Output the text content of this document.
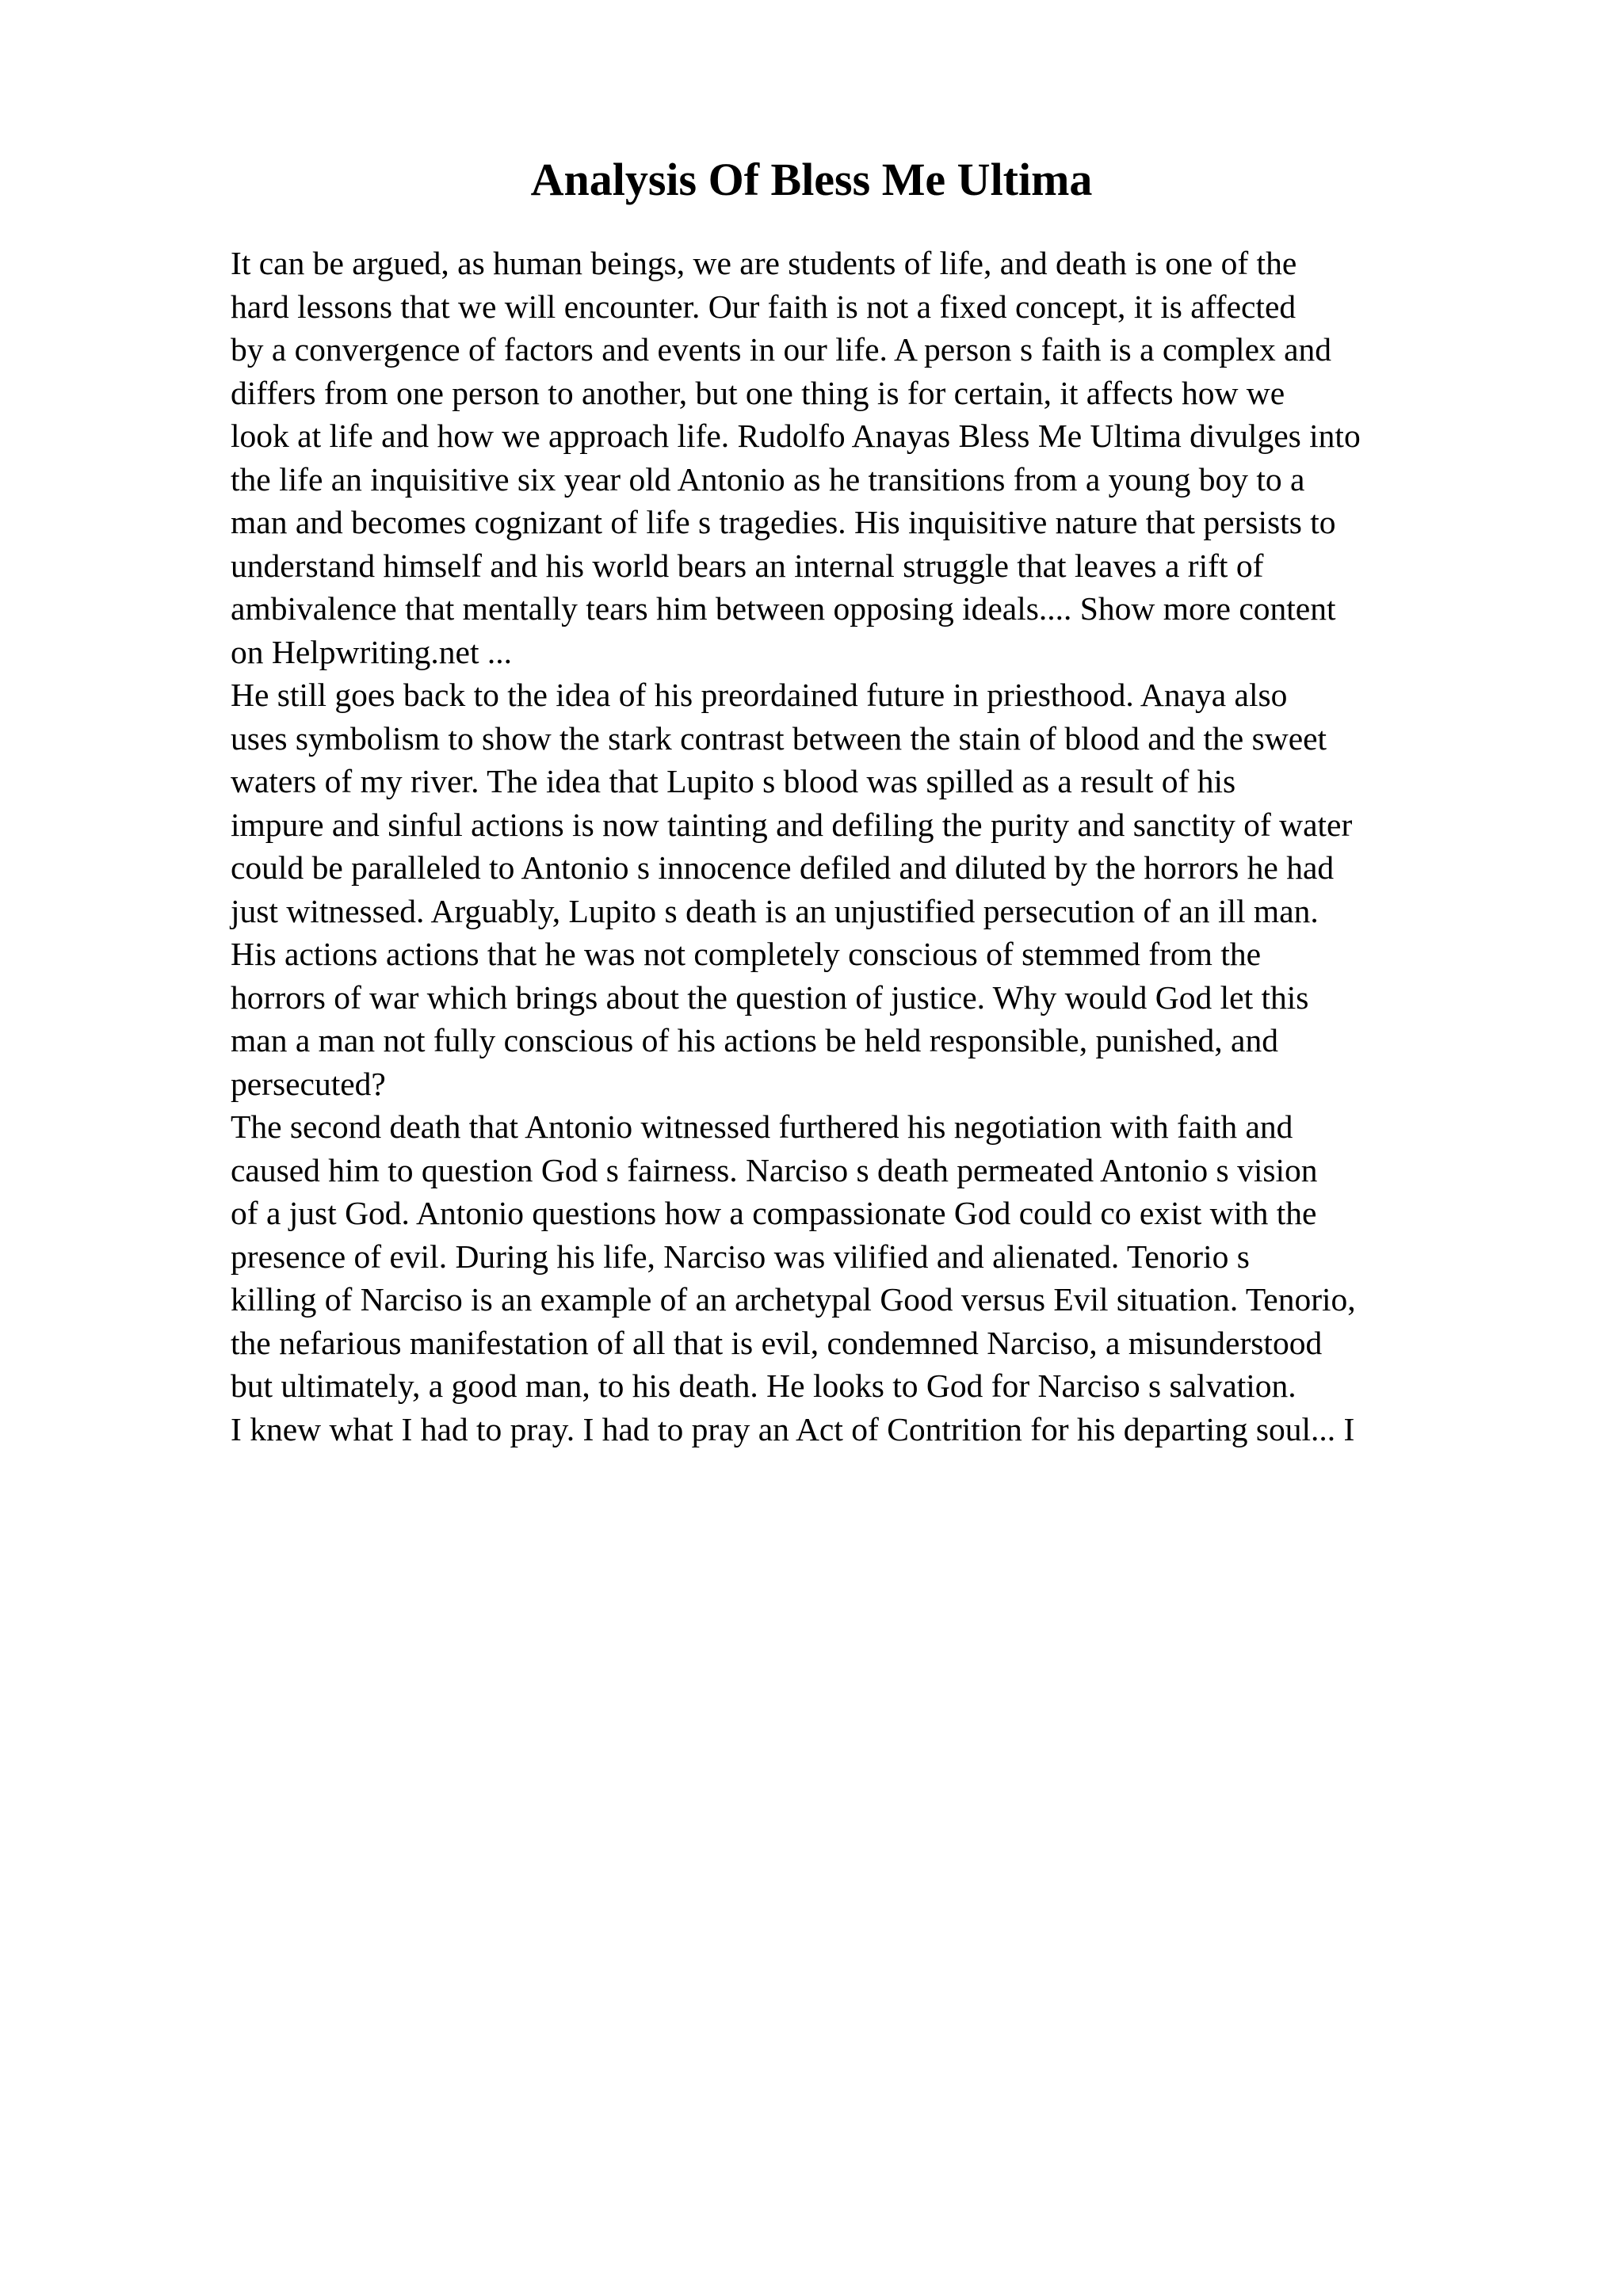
Analysis Of Bless Me Ultima
It can be argued, as human beings, we are students of life, and death is one of the
hard lessons that we will encounter. Our faith is not a fixed concept, it is affected
by a convergence of factors and events in our life. A person s faith is a complex and
differs from one person to another, but one thing is for certain, it affects how we
look at life and how we approach life. Rudolfo Anayas Bless Me Ultima divulges into
the life an inquisitive six year old Antonio as he transitions from a young boy to a
man and becomes cognizant of life s tragedies. His inquisitive nature that persists to
understand himself and his world bears an internal struggle that leaves a rift of
ambivalence that mentally tears him between opposing ideals.... Show more content
on Helpwriting.net ...
He still goes back to the idea of his preordained future in priesthood. Anaya also
uses symbolism to show the stark contrast between the stain of blood and the sweet
waters of my river. The idea that Lupito s blood was spilled as a result of his
impure and sinful actions is now tainting and defiling the purity and sanctity of water
could be paralleled to Antonio s innocence defiled and diluted by the horrors he had
just witnessed. Arguably, Lupito s death is an unjustified persecution of an ill man.
His actions actions that he was not completely conscious of stemmed from the
horrors of war which brings about the question of justice. Why would God let this
man a man not fully conscious of his actions be held responsible, punished, and
persecuted?
The second death that Antonio witnessed furthered his negotiation with faith and
caused him to question God s fairness. Narciso s death permeated Antonio s vision
of a just God. Antonio questions how a compassionate God could co exist with the
presence of evil. During his life, Narciso was vilified and alienated. Tenorio s
killing of Narciso is an example of an archetypal Good versus Evil situation. Tenorio,
the nefarious manifestation of all that is evil, condemned Narciso, a misunderstood
but ultimately, a good man, to his death. He looks to God for Narciso s salvation.
I knew what I had to pray. I had to pray an Act of Contrition for his departing soul... I
